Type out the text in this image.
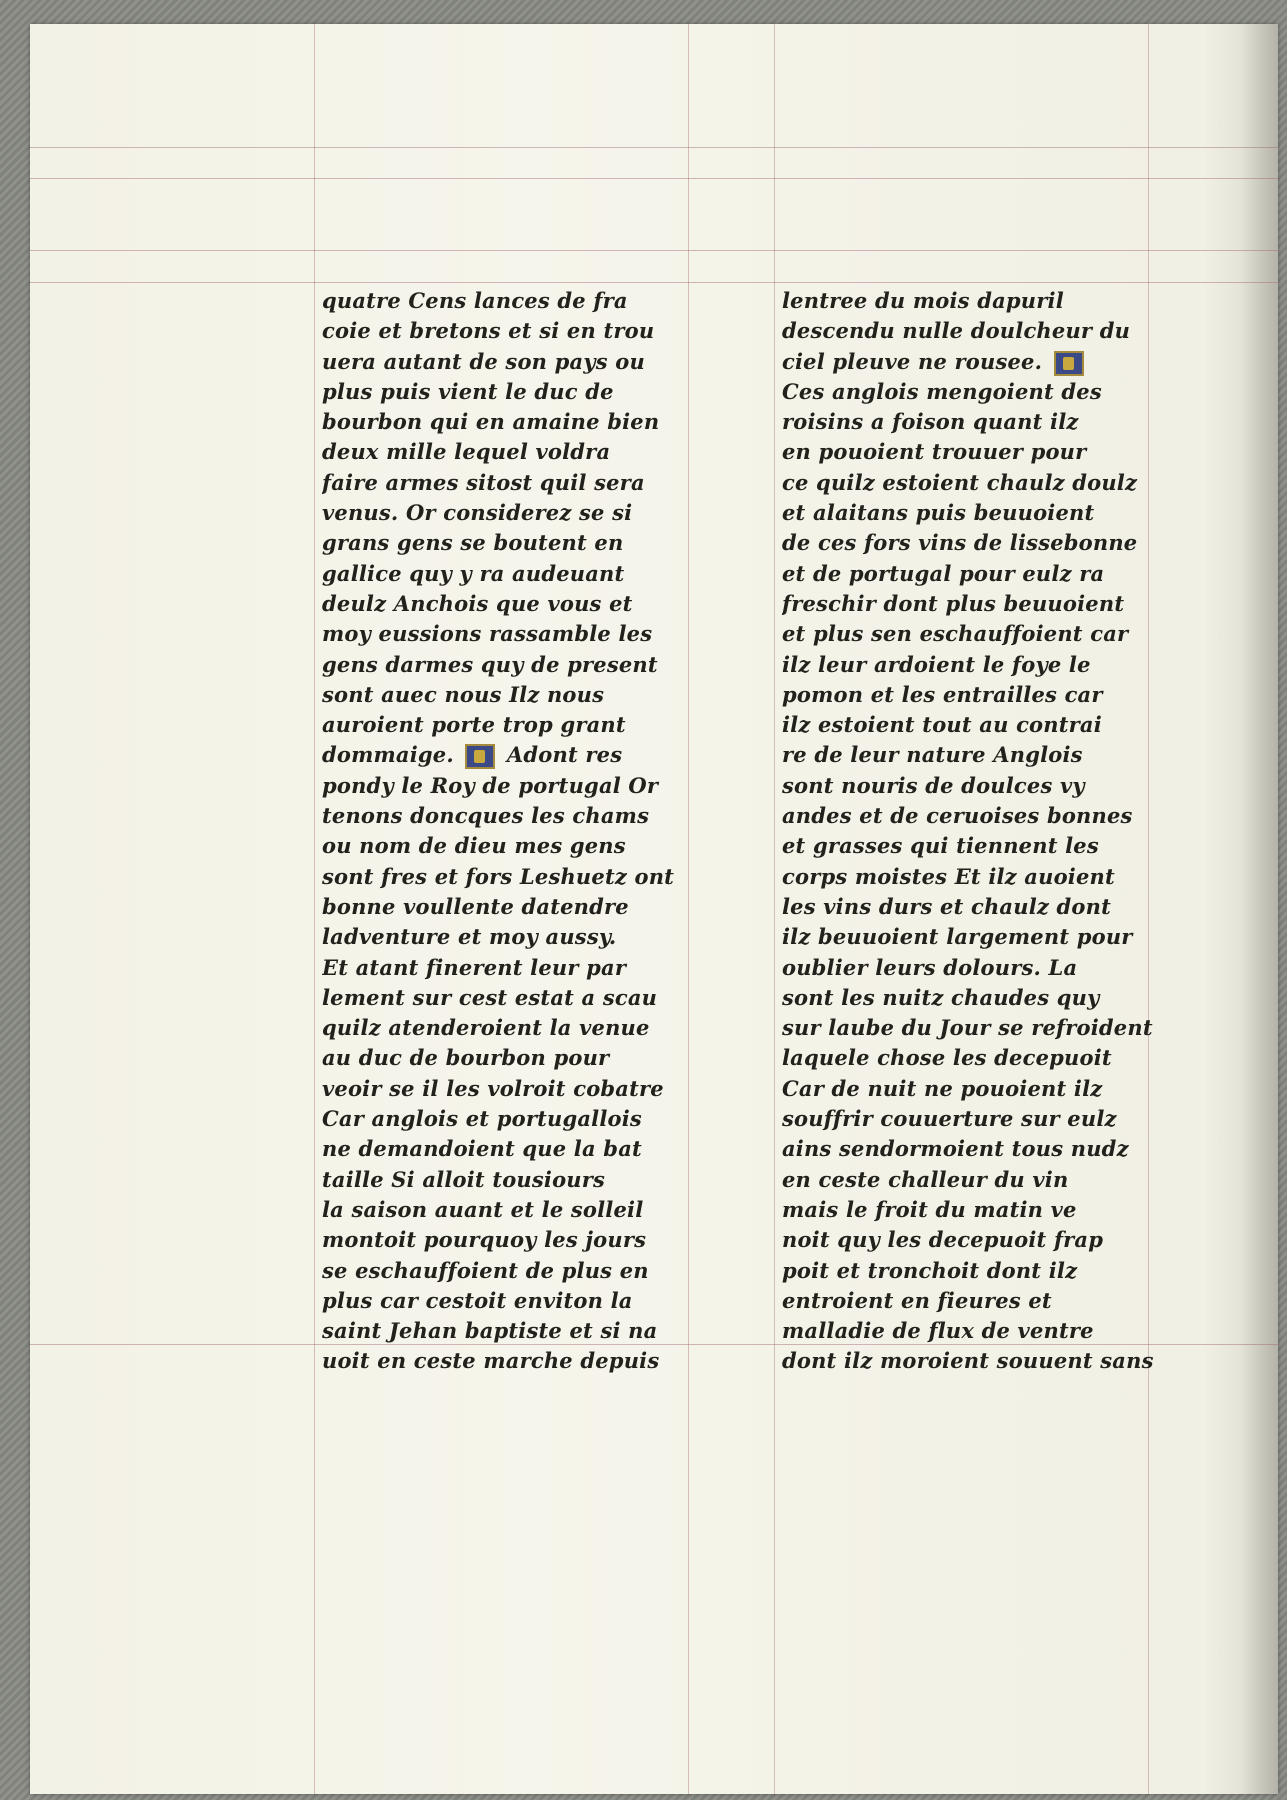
quatre Cens lances de fra
coie et bretons et si en trou
uera autant de son pays ou
plus puis vient le duc de
bourbon qui en amaine bien
deux mille lequel voldra
faire armes sitost quil sera
venus. Or considerez se si
grans gens se boutent en
gallice quy y ra audeuant
deulz Anchois que vous et
moy eussions rassamble les
gens darmes quy de present
sont auec nous Ilz nous
auroient porte trop grant
dommaige.	Adont res
pondy le Roy de portugal Or
tenons doncques les chams
ou nom de dieu mes gens
sont fres et fors Leshuetz ont
bonne voullente datendre
ladventure et moy aussy.
Et atant finerent leur par
lement sur cest estat a scau
quilz atenderoient la venue
au duc de bourbon pour
veoir se il les volroit cobatre
Car anglois et portugallois
ne demandoient que la bat
taille Si alloit tousiours
la saison auant et le solleil
montoit pourquoy les jours
se eschauffoient de plus en
plus car cestoit enviton la
saint Jehan baptiste et si na
uoit en ceste marche depuis
lentree du mois dapuril
descendu nulle doulcheur du
ciel pleuve ne rousee.
Ces anglois mengoient des
roisins a foison quant ilz
en pouoient trouuer pour
ce quilz estoient chaulz doulz
et alaitans puis beuuoient
de ces fors vins de lissebonne
et de portugal pour eulz ra
freschir dont plus beuuoient
et plus sen eschauffoient car
ilz leur ardoient le foye le
pomon et les entrailles car
ilz estoient tout au contrai
re de leur nature Anglois
sont nouris de doulces vy
andes et de ceruoises bonnes
et grasses qui tiennent les
corps moistes Et ilz auoient
les vins durs et chaulz dont
ilz beuuoient largement pour
oublier leurs dolours. La
sont les nuitz chaudes quy
sur laube du Jour se refroident
laquele chose les decepuoit
Car de nuit ne pouoient ilz
souffrir couuerture sur eulz
ains sendormoient tous nudz
en ceste challeur du vin
mais le froit du matin ve
noit quy les decepuoit frap
poit et tronchoit dont ilz
entroient en fieures et
malladie de flux de ventre
dont ilz moroient souuent sans
